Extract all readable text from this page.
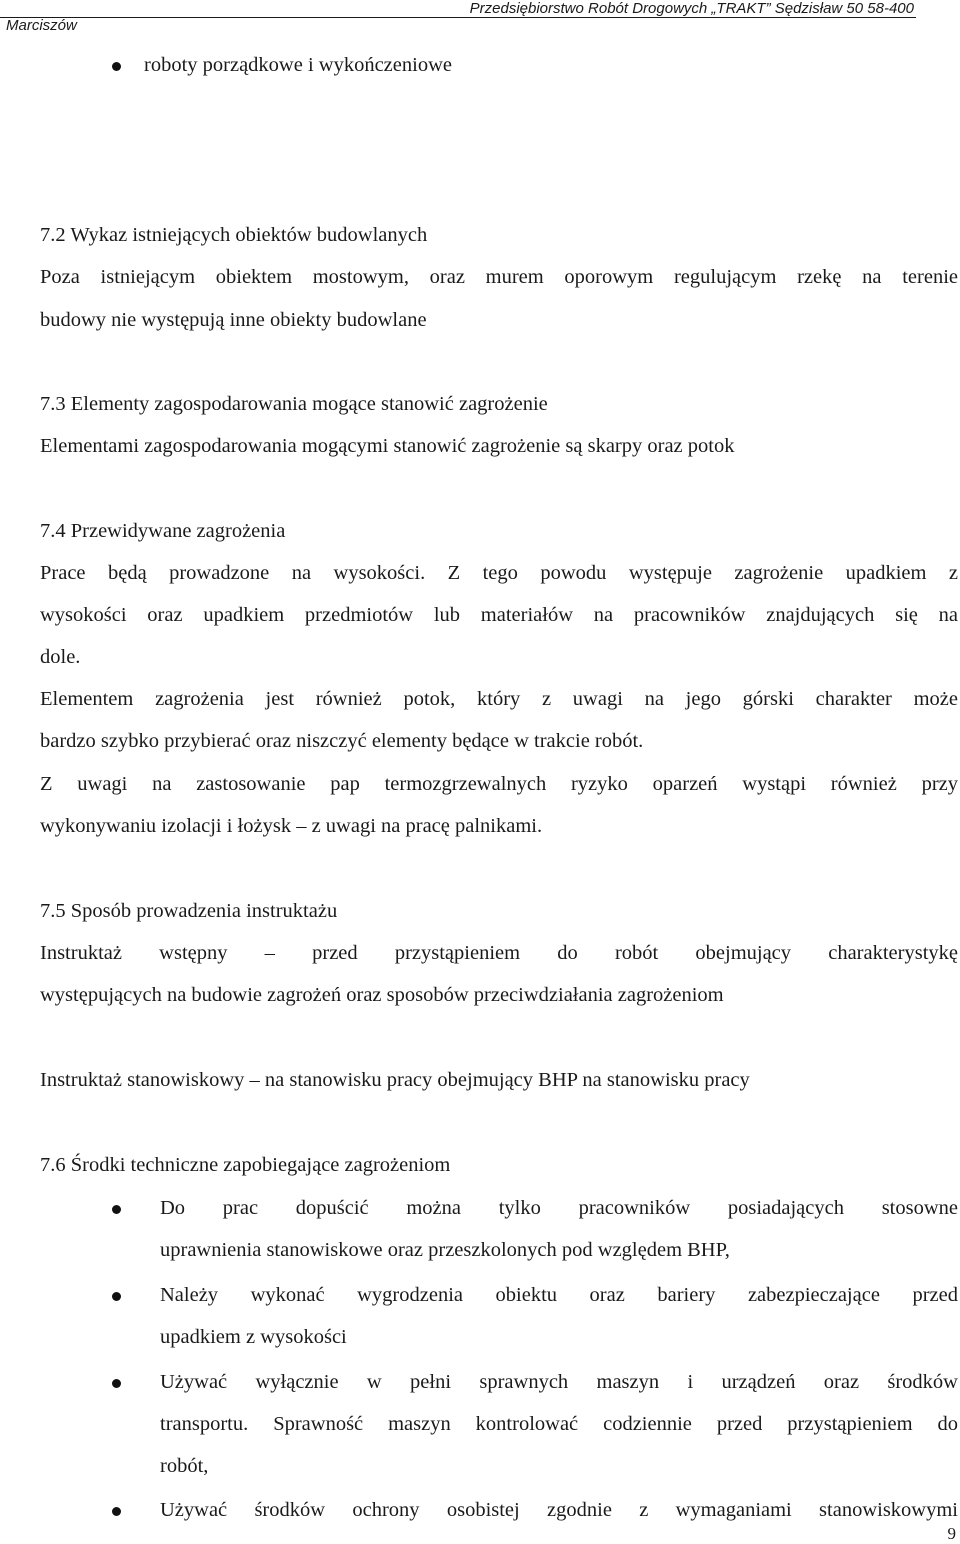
Przedsiębiorstwo Robót Drogowych „TRAKT” Sędzisław 50 58-400
Marciszów
roboty porządkowe i wykończeniowe
7.2 Wykaz istniejących obiektów budowlanych
Poza istniejącym obiektem mostowym, oraz murem oporowym regulującym rzekę na terenie
budowy nie występują inne obiekty budowlane
7.3 Elementy zagospodarowania mogące stanowić zagrożenie
Elementami zagospodarowania mogącymi stanowić zagrożenie są skarpy oraz potok
7.4 Przewidywane zagrożenia
Prace będą prowadzone na wysokości. Z tego powodu występuje zagrożenie upadkiem z
wysokości oraz upadkiem przedmiotów lub materiałów na pracowników znajdujących się na
dole.
Elementem zagrożenia jest również potok, który z uwagi na jego górski charakter może
bardzo szybko przybierać oraz niszczyć elementy będące w trakcie robót.
Z uwagi na zastosowanie pap termozgrzewalnych ryzyko oparzeń wystąpi również przy
wykonywaniu izolacji i łożysk – z uwagi na pracę palnikami.
7.5 Sposób prowadzenia instruktażu
Instruktaż wstępny – przed przystąpieniem do robót obejmujący charakterystykę
występujących na budowie zagrożeń oraz sposobów przeciwdziałania zagrożeniom
Instruktaż stanowiskowy – na stanowisku pracy obejmujący BHP na stanowisku pracy
7.6 Środki techniczne zapobiegające zagrożeniom
Do prac dopuścić można tylko pracowników posiadających stosowne
uprawnienia stanowiskowe oraz przeszkolonych pod względem BHP,
Należy wykonać wygrodzenia obiektu oraz bariery zabezpieczające przed
upadkiem z wysokości
Używać wyłącznie w pełni sprawnych maszyn i urządzeń oraz środków
transportu. Sprawność maszyn kontrolować codziennie przed przystąpieniem do
robót,
Używać środków ochrony osobistej zgodnie z wymaganiami stanowiskowymi
9
